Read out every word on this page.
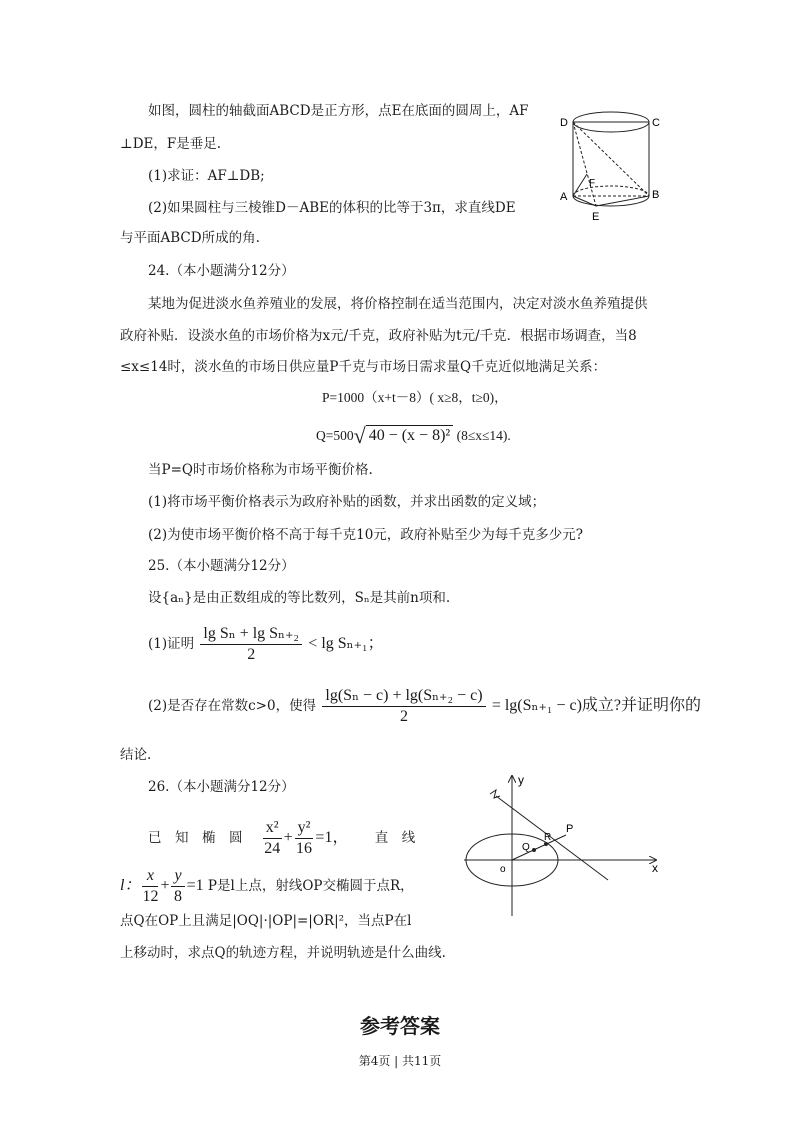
如图，圆柱的轴截面ABCD是正方形，点E在底面的圆周上，AF
⊥DE，F是垂足.
(1)求证：AF⊥DB;
(2)如果圆柱与三棱锥D－ABE的体积的比等于3π，求直线DE
与平面ABCD所成的角.
D	C
A	B
F
E
24.（本小题满分12分）
某地为促进淡水鱼养殖业的发展，将价格控制在适当范围内，决定对淡水鱼养殖提供
政府补贴．设淡水鱼的市场价格为x元/千克，政府补贴为t元/千克．根据市场调查，当8
≤x≤14时，淡水鱼的市场日供应量P千克与市场日需求量Q千克近似地满足关系：
P=1000（x+t－8）( x≥8，t≥0)，
Q=500√ 40 − (x − 8)² (8≤x≤14).
当P=Q时市场价格称为市场平衡价格.
(1)将市场平衡价格表示为政府补贴的函数，并求出函数的定义域；
(2)为使市场平衡价格不高于每千克10元，政府补贴至少为每千克多少元?
25.（本小题满分12分）
设{aₙ}是由正数组成的等比数列，Sₙ是其前n项和.
(1)证明 $\frac{\text{lg Sₙ + lg Sₙ₊₂}}{2} < \lg S_{n+1}$；
(2)是否存在常数c>0，使得 $\frac{\text{lg(Sₙ − c) + lg(Sₙ₊₂ − c)}}{2} = \lg(S_{n+1} - c)$成立?并证明你的
结论.
26.（本小题满分12分）
已　知　椭　圆 $\frac{\text{x²}}{24} + \frac{\text{y²}}{16} =1$， 直　线
l： $\frac{x}{12} + \frac{y}{8} =1$ P是l上点，射线OP交椭圆于点R，
点Q在OP上且满足|OQ|·|OP|=|OR|²，当点P在l
上移动时，求点Q的轨迹方程，并说明轨迹是什么曲线.
x
y
o
Q
R
P
参考答案
第4页 | 共11页
